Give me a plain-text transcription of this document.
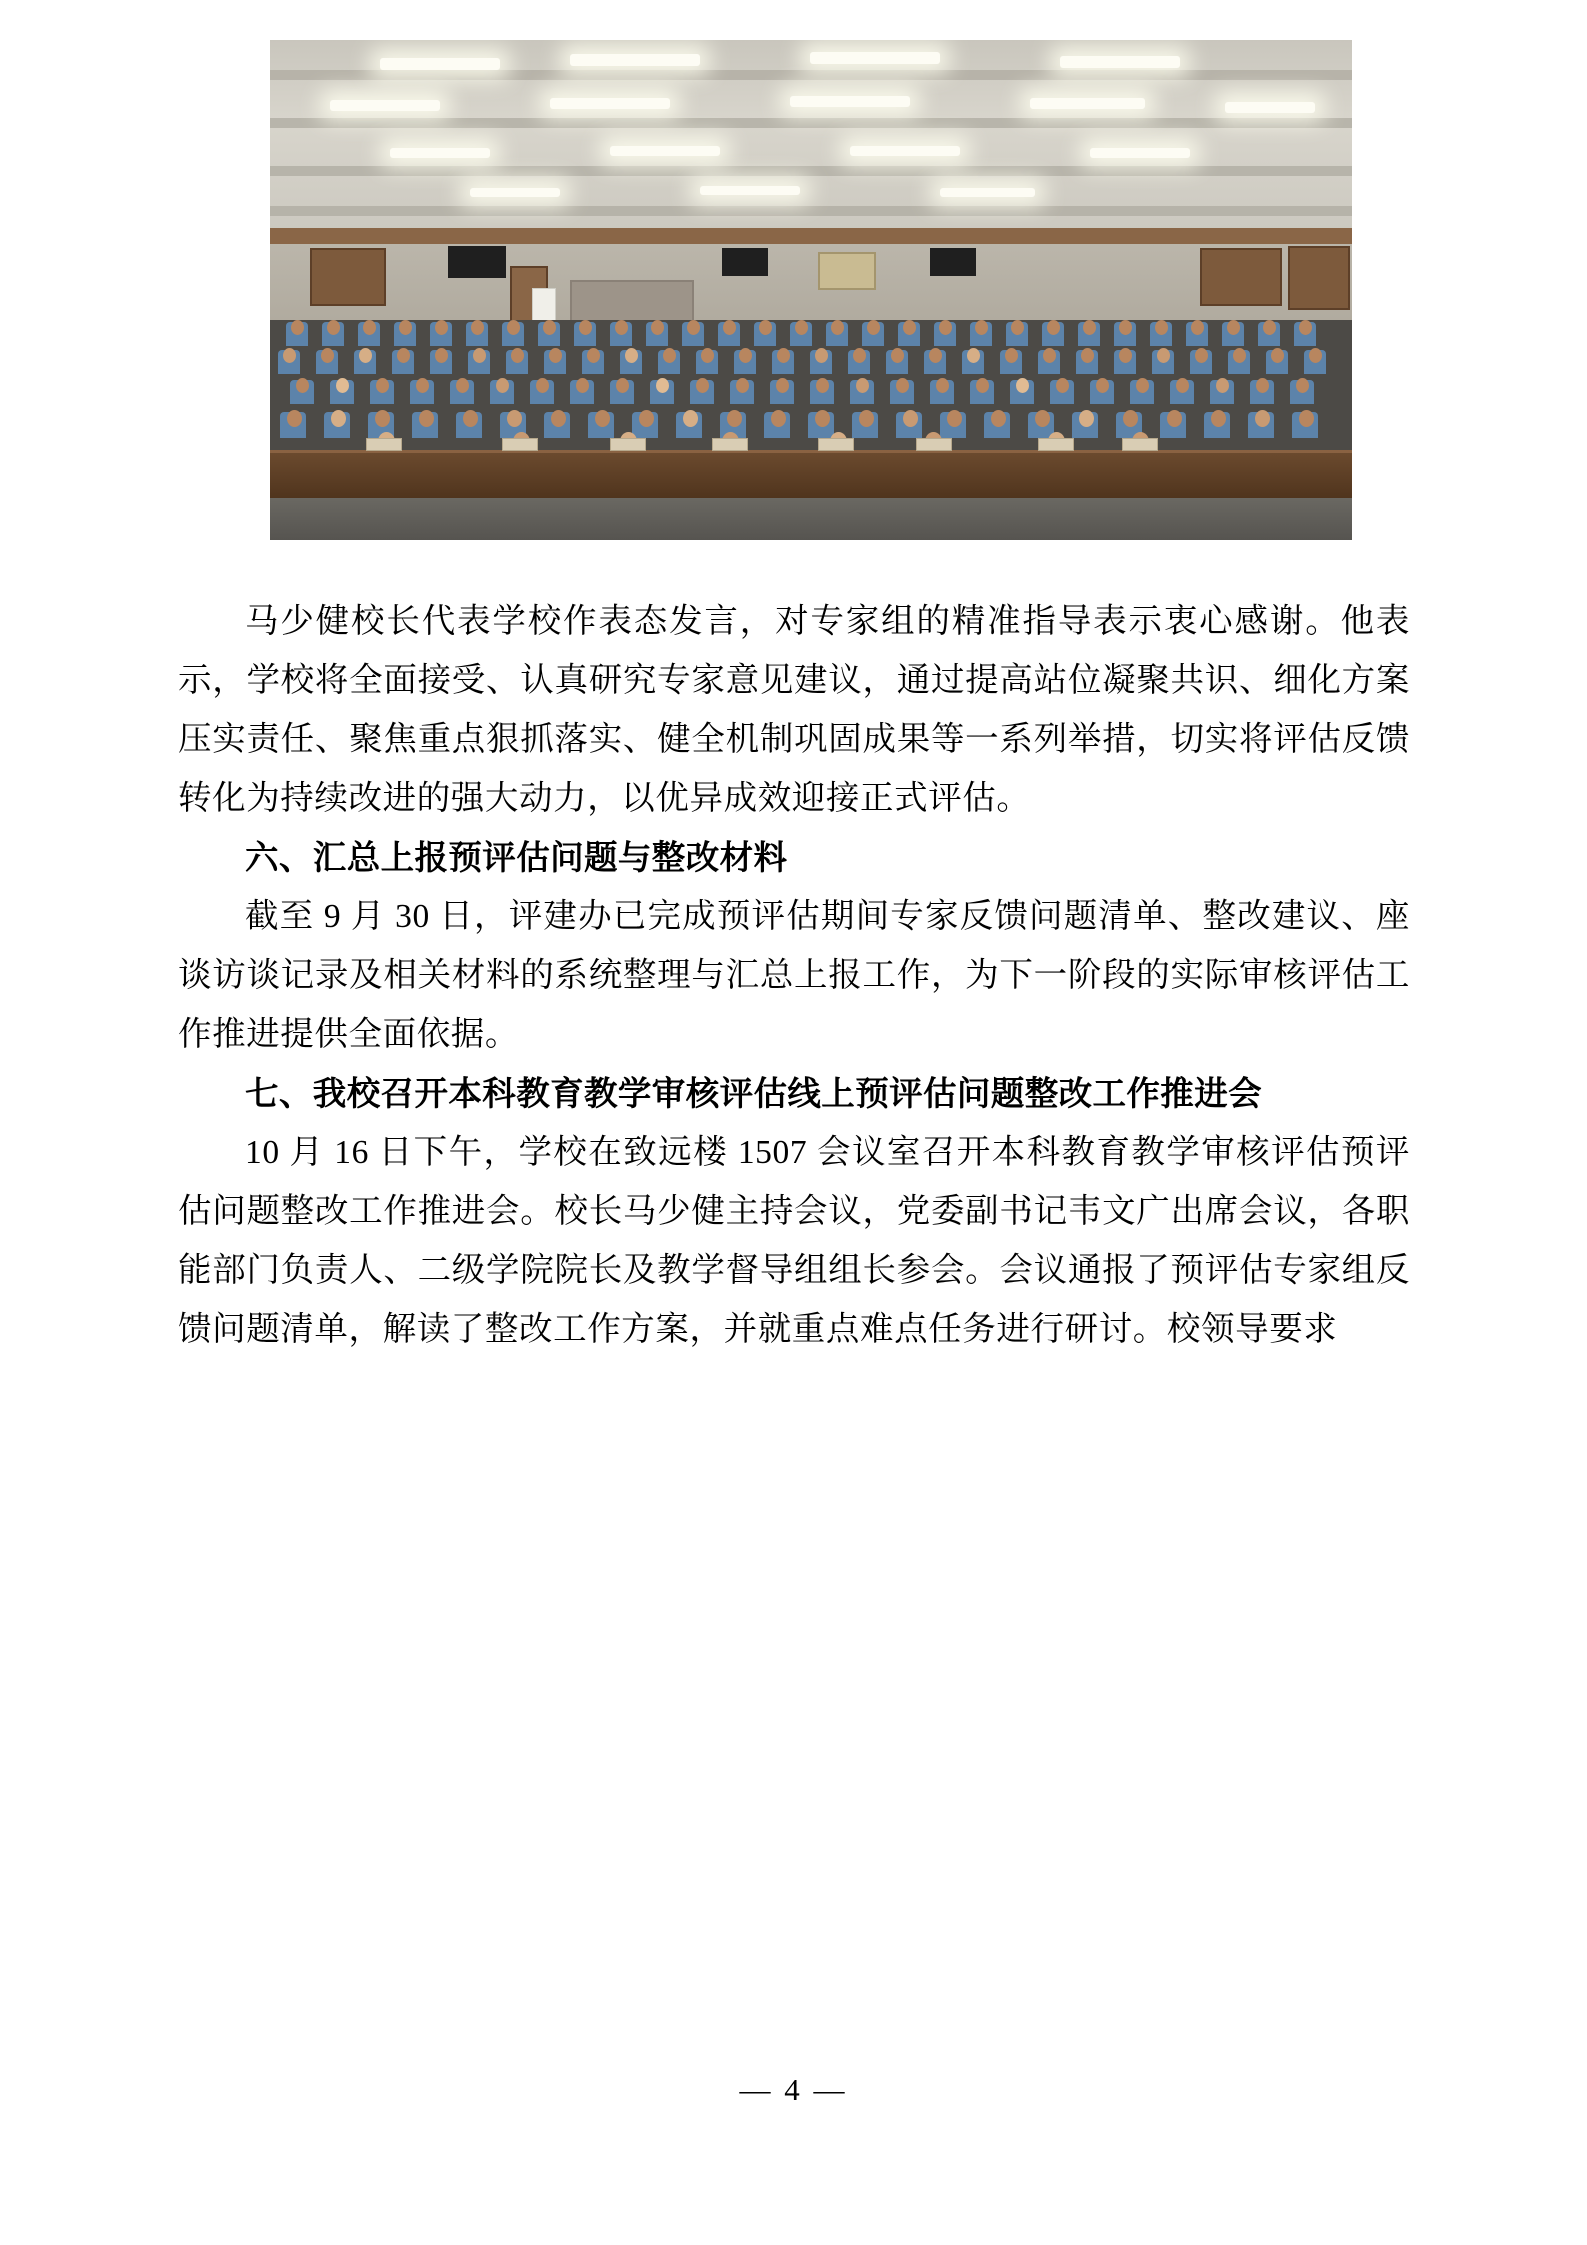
马少健校长代表学校作表态发言，对专家组的精准指导表示衷心感谢。他表示，学校将全面接受、认真研究专家意见建议，通过提高站位凝聚共识、细化方案压实责任、聚焦重点狠抓落实、健全机制巩固成果等一系列举措，切实将评估反馈转化为持续改进的强大动力，以优异成效迎接正式评估。

六、汇总上报预评估问题与整改材料

截至 9 月 30 日，评建办已完成预评估期间专家反馈问题清单、整改建议、座谈访谈记录及相关材料的系统整理与汇总上报工作，为下一阶段的实际审核评估工作推进提供全面依据。

七、我校召开本科教育教学审核评估线上预评估问题整改工作推进会

10 月 16 日下午，学校在致远楼 1507 会议室召开本科教育教学审核评估预评估问题整改工作推进会。校长马少健主持会议，党委副书记韦文广出席会议，各职能部门负责人、二级学院院长及教学督导组组长参会。会议通报了预评估专家组反馈问题清单，解读了整改工作方案，并就重点难点任务进行研讨。校领导要求

— 4 —
